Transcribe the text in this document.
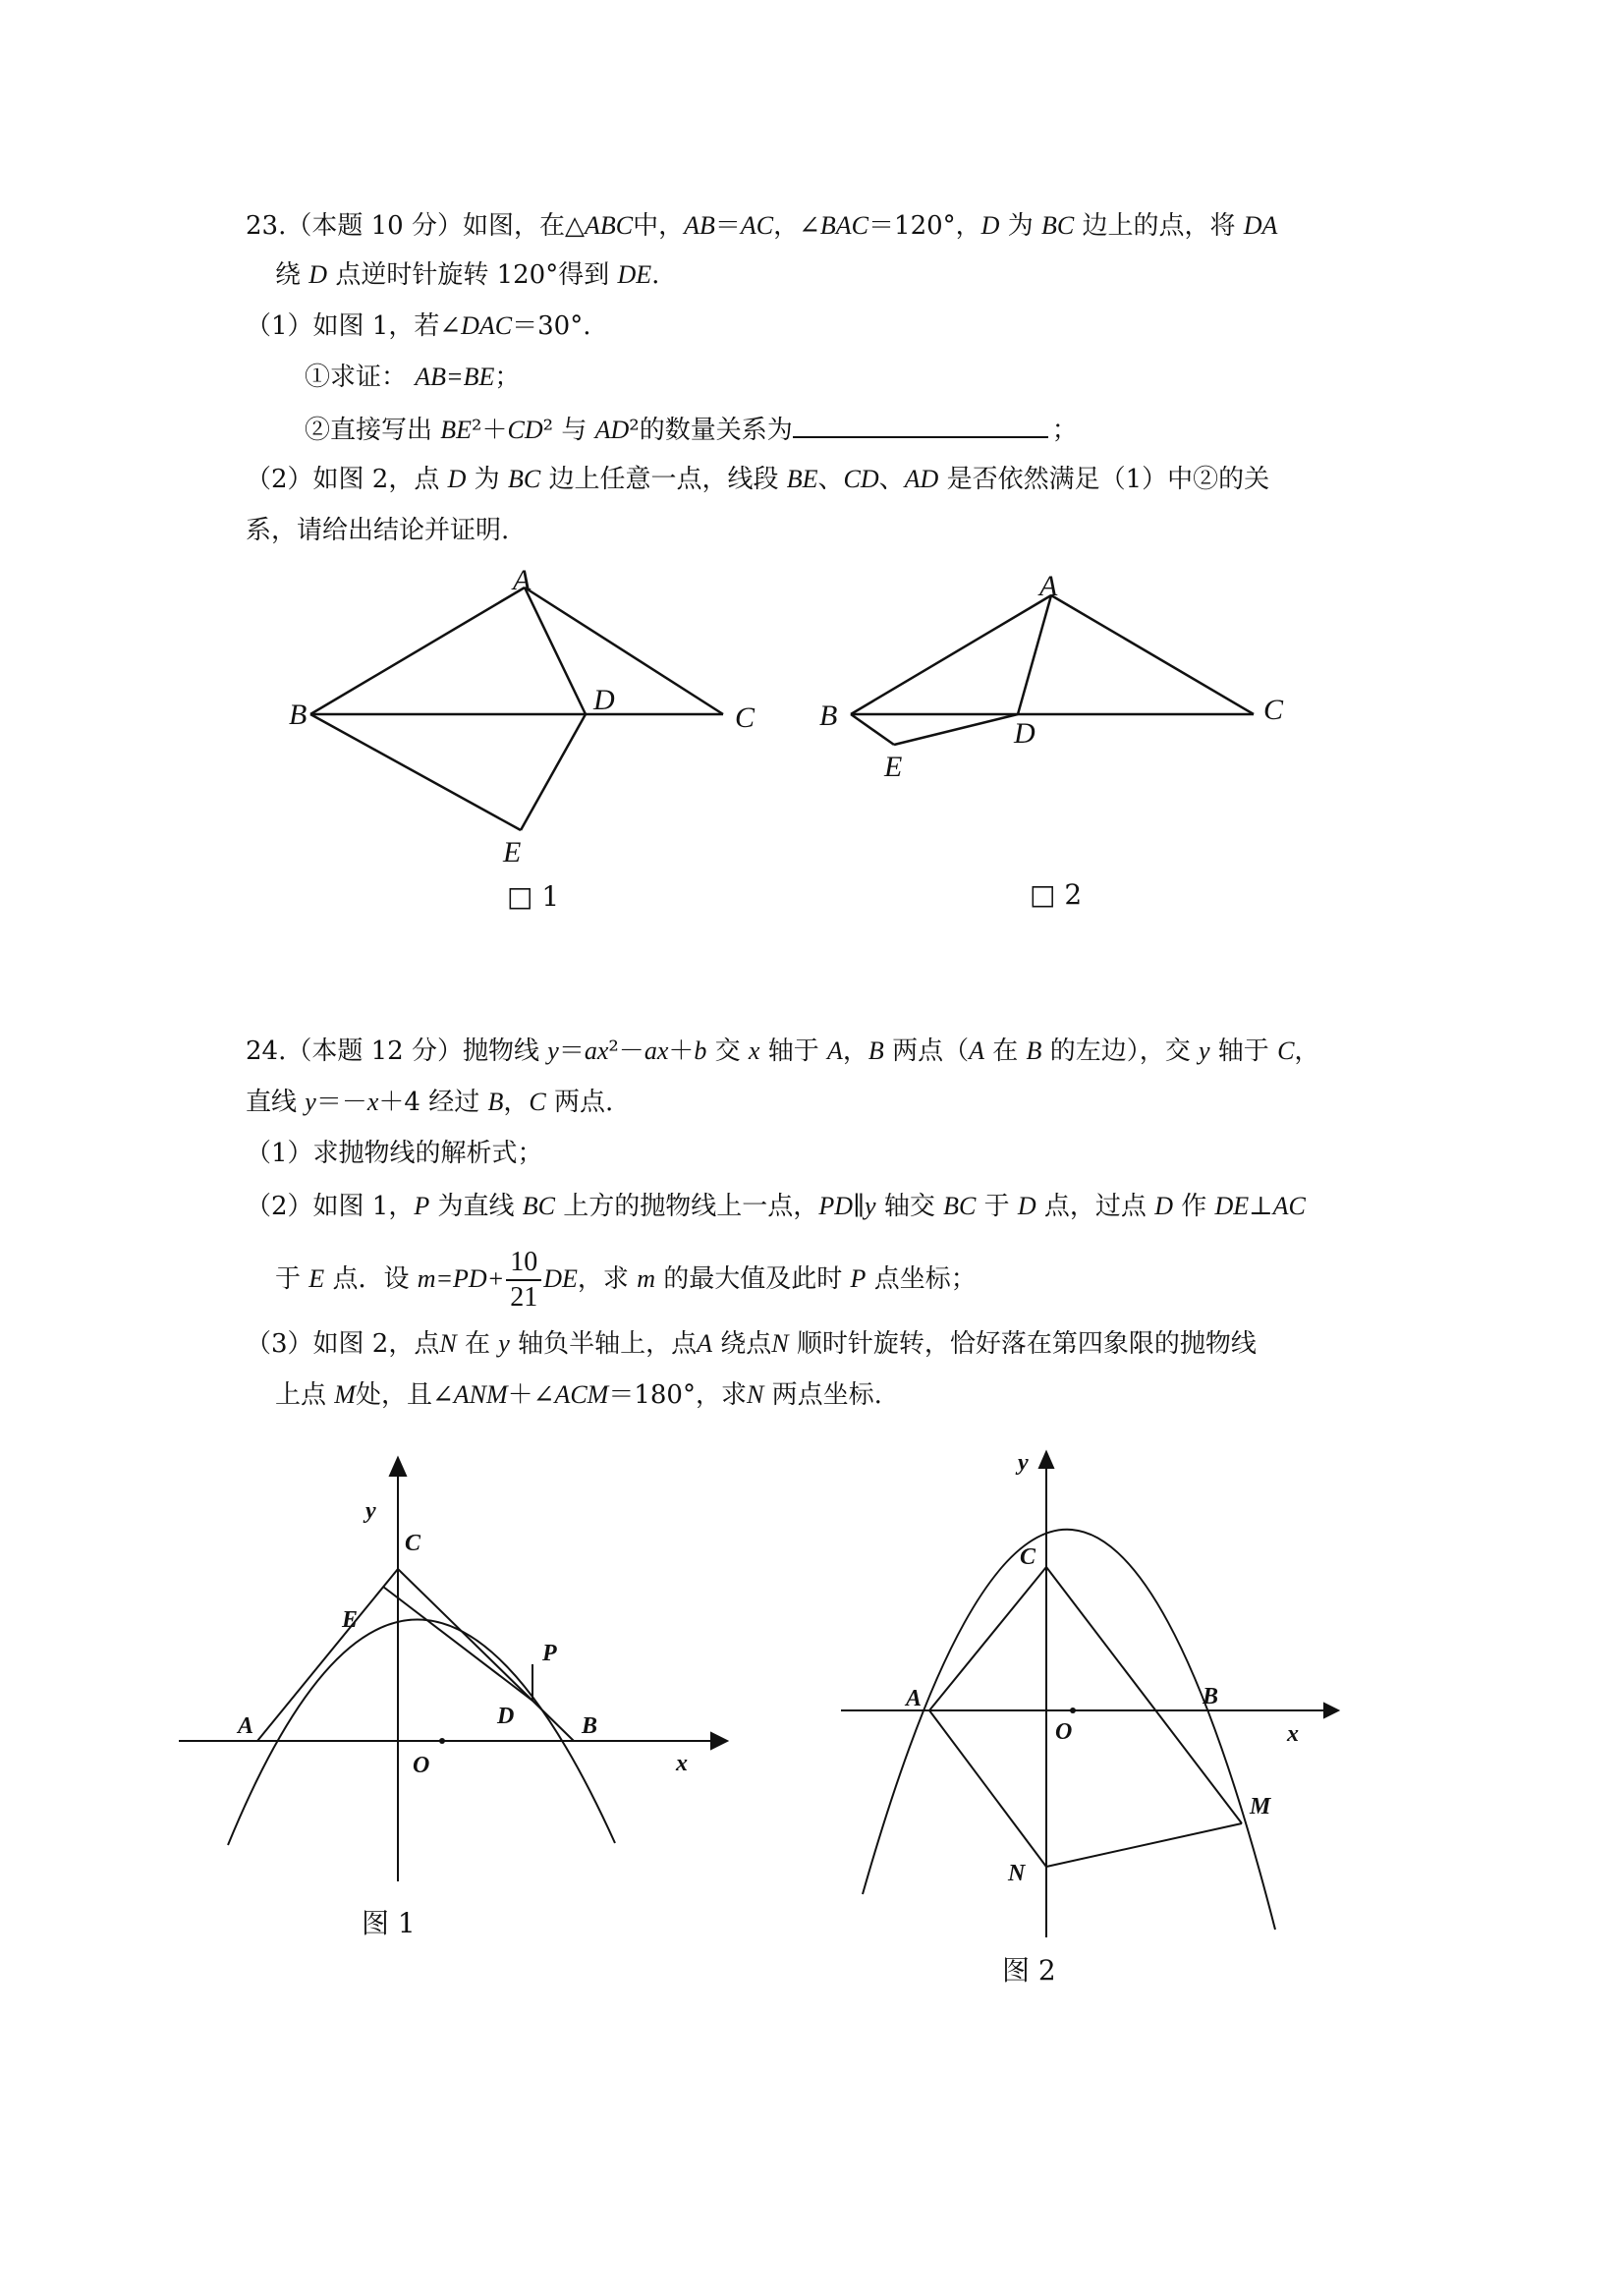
23.（本题 10 分）如图，在△ABC中，AB＝AC，∠BAC＝120°，D 为 BC 边上的点，将 DA
绕 D 点逆时针旋转 120°得到 DE.
（1）如图 1，若∠DAC＝30°.
①求证： AB=BE；
②直接写出 BE²＋CD² 与 AD²的数量关系为	；
（2）如图 2，点 D 为 BC 边上任意一点，线段 BE、CD、AD 是否依然满足（1）中②的关
系，请给出结论并证明.
A
B	C
D
E
□ 1
A
B	C
D
E
□ 2
24.（本题 12 分）抛物线 y＝ax²－ax＋b 交 x 轴于 A，B 两点（A 在 B 的左边），交 y 轴于 C，
直线 y＝－x＋4 经过 B，C 两点.
（1）求抛物线的解析式；
（2）如图 1，P 为直线 BC 上方的抛物线上一点，PD∥y 轴交 BC 于 D 点，过点 D 作 DE⊥AC
于 E 点．设 $m=PD+ \frac{10}{21}$ DE，求 m 的最大值及此时 P 点坐标；
（3）如图 2，点N 在 y 轴负半轴上，点A 绕点N 顺时针旋转，恰好落在第四象限的抛物线
上点 M处，且∠ANM＋∠ACM＝180°，求N 两点坐标.
y
C
E
P
D	B
A
O	x
图 1
y
C
A
O
B
x
M
N
图 2
